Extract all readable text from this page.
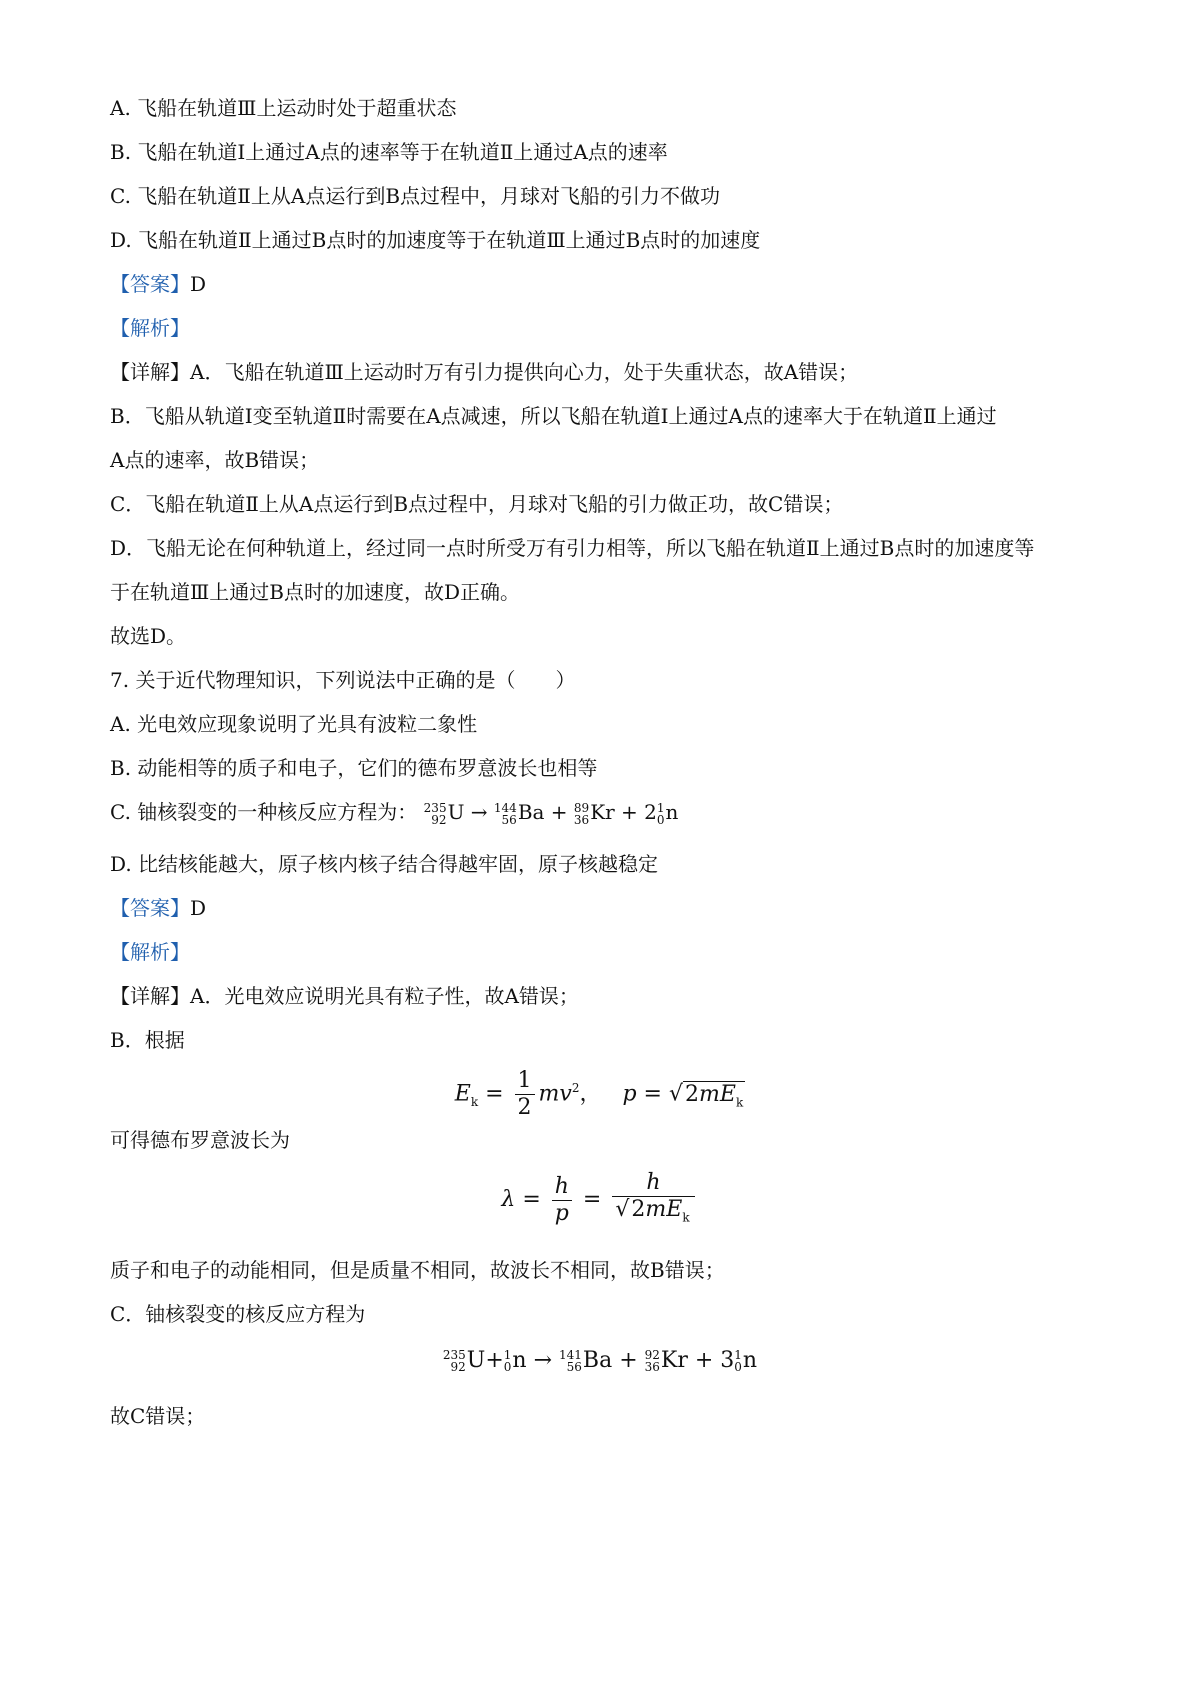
A. 飞船在轨道Ⅲ上运动时处于超重状态
B. 飞船在轨道Ⅰ上通过A点的速率等于在轨道Ⅱ上通过A点的速率
C. 飞船在轨道Ⅱ上从A点运行到B点过程中，月球对飞船的引力不做功
D. 飞船在轨道Ⅱ上通过B点时的加速度等于在轨道Ⅲ上通过B点时的加速度
【答案】D
【解析】
【详解】A．飞船在轨道Ⅲ上运动时万有引力提供向心力，处于失重状态，故A错误；
B．飞船从轨道Ⅰ变至轨道Ⅱ时需要在A点减速，所以飞船在轨道Ⅰ上通过A点的速率大于在轨道Ⅱ上通过
A点的速率，故B错误；
C．飞船在轨道Ⅱ上从A点运行到B点过程中，月球对飞船的引力做正功，故C错误；
D．飞船无论在何种轨道上，经过同一点时所受万有引力相等，所以飞船在轨道Ⅱ上通过B点时的加速度等
于在轨道Ⅲ上通过B点时的加速度，故D正确。
故选D。
7. 关于近代物理知识，下列说法中正确的是（　　）
A. 光电效应现象说明了光具有波粒二象性
B. 动能相等的质子和电子，它们的德布罗意波长也相等
C. 铀核裂变的一种核反应方程为： 235
92 U → 144
56 Ba + 89
36 Kr + 2 1
0 n
D. 比结核能越大，原子核内核子结合得越牢固，原子核越稳定
【答案】D
【解析】
【详解】A．光电效应说明光具有粒子性，故A错误；
B．根据
$E_k = \frac{1}{2} mv^2$，   $p = √2mE_k$
可得德布罗意波长为
$\lambda = \frac{h}{p} = \frac{h}{√2mE_k}$
质子和电子的动能相同，但是质量不相同，故波长不相同，故B错误；
C．铀核裂变的核反应方程为
235
92 U+ 1
0 n → 141
56 Ba + 92
36 Kr + 3 1
0 n
故C错误；
